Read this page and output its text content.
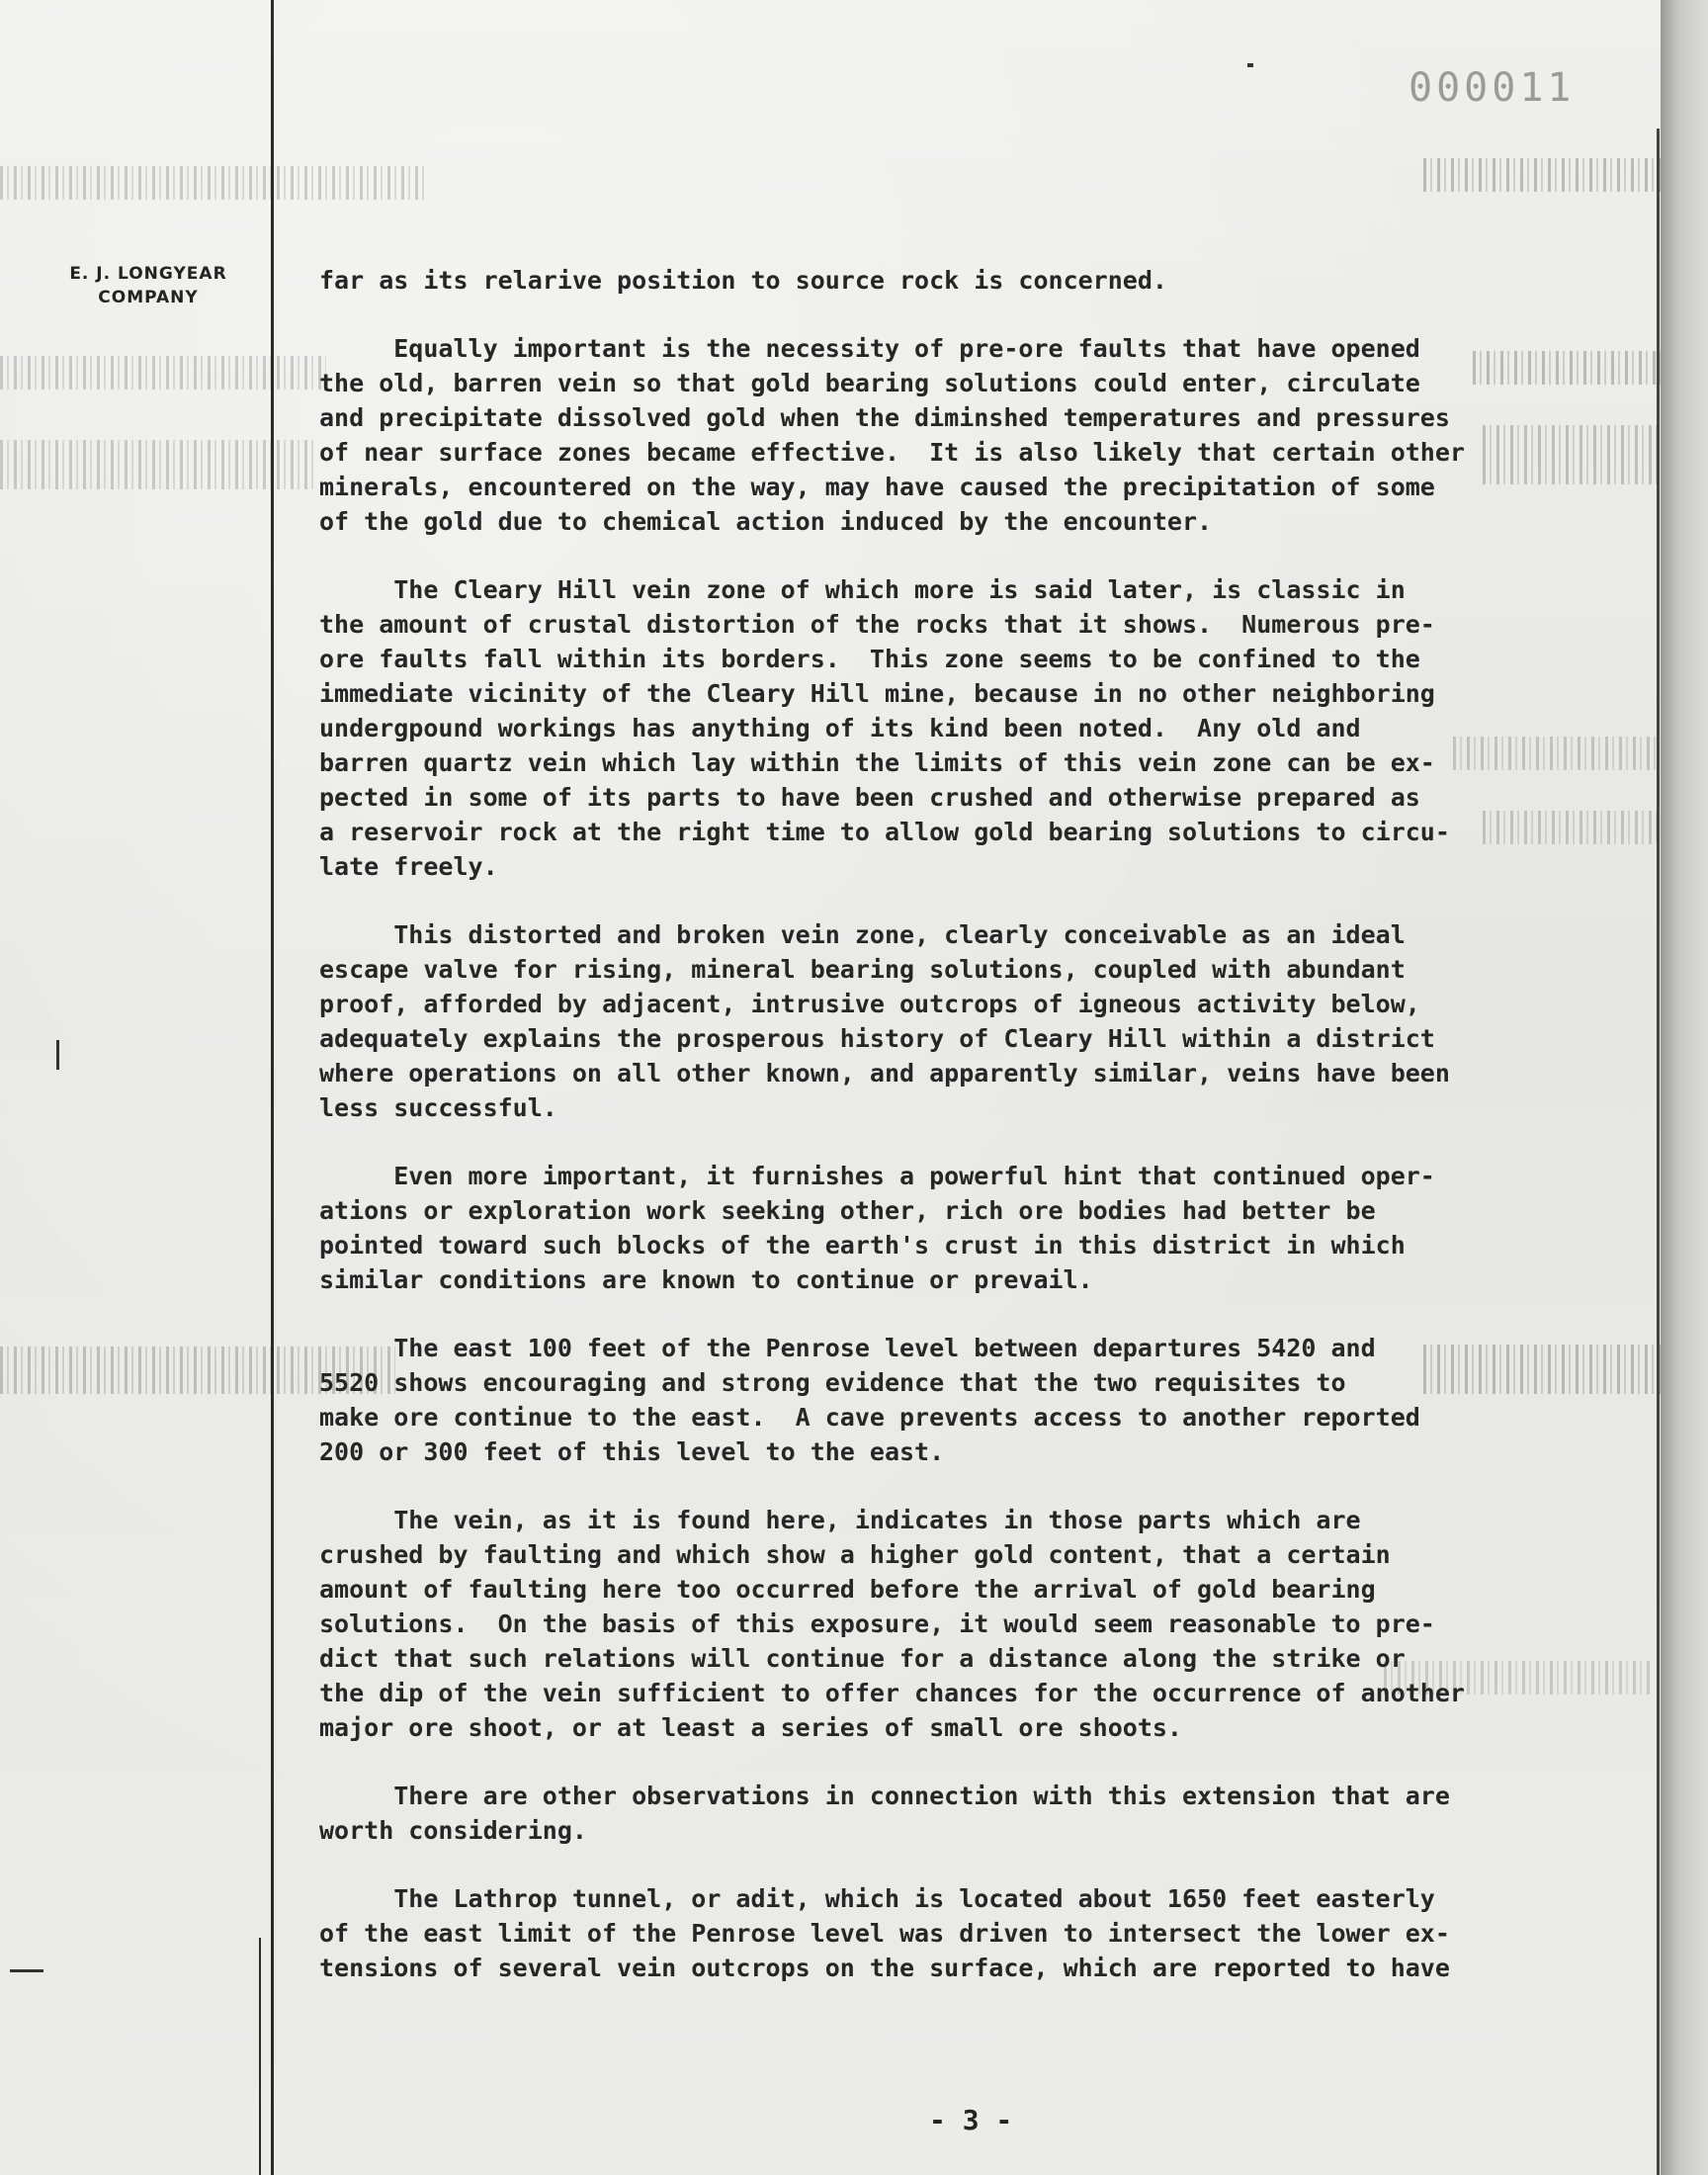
000011
E. J. LONGYEAR
COMPANY

far as its relarive position to source rock is concerned.

Equally important is the necessity of pre-ore faults that have opened
the old, barren vein so that gold bearing solutions could enter, circulate
and precipitate dissolved gold when the diminshed temperatures and pressures
of near surface zones became effective.  It is also likely that certain other
minerals, encountered on the way, may have caused the precipitation of some
of the gold due to chemical action induced by the encounter.

The Cleary Hill vein zone of which more is said later, is classic in
the amount of crustal distortion of the rocks that it shows.  Numerous pre-
ore faults fall within its borders.  This zone seems to be confined to the
immediate vicinity of the Cleary Hill mine, because in no other neighboring
undergpound workings has anything of its kind been noted.  Any old and
barren quartz vein which lay within the limits of this vein zone can be ex-
pected in some of its parts to have been crushed and otherwise prepared as
a reservoir rock at the right time to allow gold bearing solutions to circu-
late freely.

This distorted and broken vein zone, clearly conceivable as an ideal
escape valve for rising, mineral bearing solutions, coupled with abundant
proof, afforded by adjacent, intrusive outcrops of igneous activity below,
adequately explains the prosperous history of Cleary Hill within a district
where operations on all other known, and apparently similar, veins have been
less successful.

Even more important, it furnishes a powerful hint that continued oper-
ations or exploration work seeking other, rich ore bodies had better be
pointed toward such blocks of the earth's crust in this district in which
similar conditions are known to continue or prevail.

The east 100 feet of the Penrose level between departures 5420 and
5520 shows encouraging and strong evidence that the two requisites to
make ore continue to the east.  A cave prevents access to another reported
200 or 300 feet of this level to the east.

The vein, as it is found here, indicates in those parts which are
crushed by faulting and which show a higher gold content, that a certain
amount of faulting here too occurred before the arrival of gold bearing
solutions.  On the basis of this exposure, it would seem reasonable to pre-
dict that such relations will continue for a distance along the strike or
the dip of the vein sufficient to offer chances for the occurrence of another
major ore shoot, or at least a series of small ore shoots.

There are other observations in connection with this extension that are
worth considering.

The Lathrop tunnel, or adit, which is located about 1650 feet easterly
of the east limit of the Penrose level was driven to intersect the lower ex-
tensions of several vein outcrops on the surface, which are reported to have

- 3 -
